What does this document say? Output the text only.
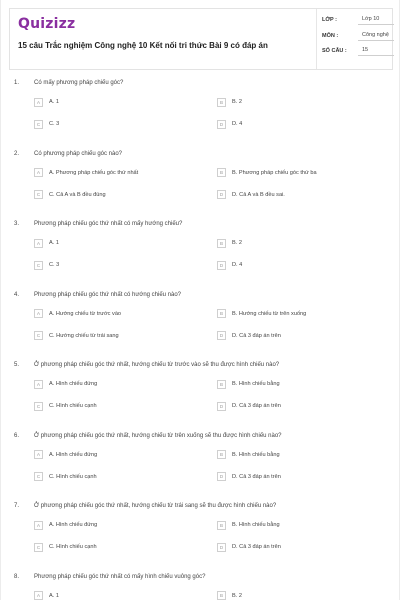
Quizizz
15 câu Trắc nghiệm Công nghệ 10 Kết nối tri thức Bài 9 có đáp án
LỚP :	Lớp 10
MÔN :	Công nghệ
SỐ CÂU :	15
1. Có mấy phương pháp chiếu góc?
A	A. 1	B	B. 2
C	C. 3	D	D. 4
2. Có phương pháp chiếu góc nào?
A	A. Phương pháp chiếu góc thứ nhất	B	B. Phương pháp chiếu góc thứ ba
C	C. Cả A và B đều đúng	D	D. Cả A và B đều sai.
3. Phương pháp chiếu góc thứ nhất có mấy hướng chiếu?
A	A. 1	B	B. 2
C	C. 3	D	D. 4
4. Phương pháp chiếu góc thứ nhất có hướng chiếu nào?
A	A. Hướng chiếu từ trước vào	B	B. Hướng chiếu từ trên xuống
C	C. Hướng chiếu từ trái sang	D	D. Cả 3 đáp án trên
5. Ở phương pháp chiếu góc thứ nhất, hướng chiếu từ trước vào sẽ thu được hình chiếu nào?
A	A. Hình chiếu đứng	B	B. Hình chiếu bằng
C	C. Hình chiếu cạnh	D	D. Cả 3 đáp án trên
6. Ở phương pháp chiếu góc thứ nhất, hướng chiếu từ trên xuống sẽ thu được hình chiếu nào?
A	A. Hình chiếu đứng	B	B. Hình chiếu bằng
C	C. Hình chiếu cạnh	D	D. Cả 3 đáp án trên
7. Ở phương pháp chiếu góc thứ nhất, hướng chiếu từ trái sang sẽ thu được hình chiếu nào?
A	A. Hình chiếu đứng	B	B. Hình chiếu bằng
C	C. Hình chiếu cạnh	D	D. Cả 3 đáp án trên
8. Phương pháp chiếu góc thứ nhất có mấy hình chiếu vuông góc?
A	A. 1	B	B. 2
